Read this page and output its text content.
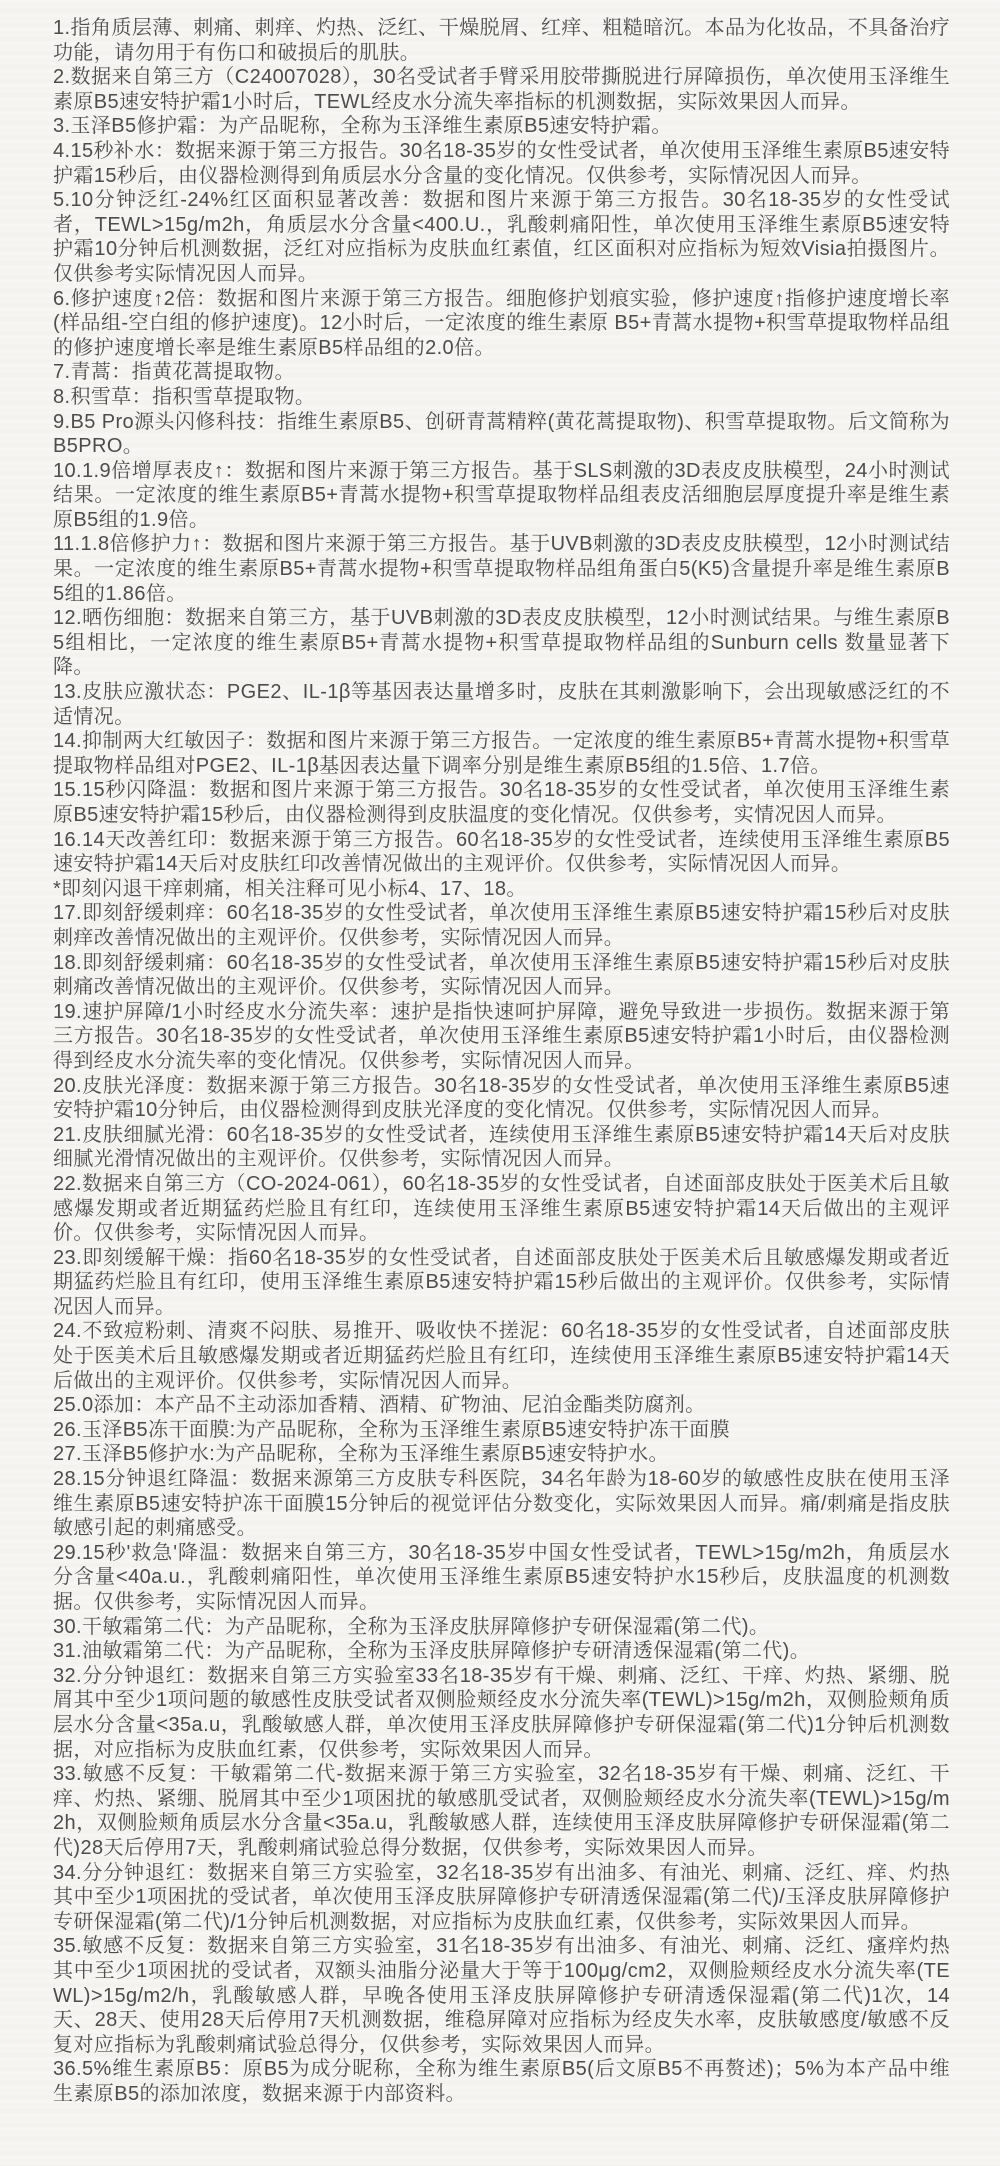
1.指角质层薄、刺痛、刺痒、灼热、泛红、干燥脱屑、红痒、粗糙暗沉。本品为化妆品，不具备治疗功能，请勿用于有伤口和破损后的肌肤。

2.数据来自第三方（C24007028），30名受试者手臂采用胶带撕脱进行屏障损伤，单次使用玉泽维生素原B5速安特护霜1小时后，TEWL经皮水分流失率指标的机测数据，实际效果因人而异。

3.玉泽B5修护霜：为产品昵称，全称为玉泽维生素原B5速安特护霜。

4.15秒补水：数据来源于第三方报告。30名18-35岁的女性受试者，单次使用玉泽维生素原B5速安特护霜15秒后，由仪器检测得到角质层水分含量的变化情况。仅供参考，实际情况因人而异。

5.10分钟泛红-24%红区面积显著改善：数据和图片来源于第三方报告。30名18-35岁的女性受试者，TEWL>15g/m2h，角质层水分含量<400.U.，乳酸刺痛阳性，单次使用玉泽维生素原B5速安特护霜10分钟后机测数据，泛红对应指标为皮肤血红素值，红区面积对应指标为短效Visia拍摄图片。仅供参考实际情况因人而异。

6.修护速度↑2倍：数据和图片来源于第三方报告。细胞修护划痕实验，修护速度↑指修护速度增长率(样品组-空白组的修护速度)。12小时后，一定浓度的维生素原 B5+青蒿水提物+积雪草提取物样品组的修护速度增长率是维生素原B5样品组的2.0倍。

7.青蒿：指黄花蒿提取物。

8.积雪草：指积雪草提取物。

9.B5 Pro源头闪修科技：指维生素原B5、创研青蒿精粹(黄花蒿提取物)、积雪草提取物。后文简称为B5PRO。

10.1.9倍增厚表皮↑：数据和图片来源于第三方报告。基于SLS刺激的3D表皮皮肤模型，24小时测试结果。一定浓度的维生素原B5+青蒿水提物+积雪草提取物样品组表皮活细胞层厚度提升率是维生素原B5组的1.9倍。

11.1.8倍修护力↑：数据和图片来源于第三方报告。基于UVB刺激的3D表皮皮肤模型，12小时测试结果。一定浓度的维生素原B5+青蒿水提物+积雪草提取物样品组角蛋白5(K5)含量提升率是维生素原B5组的1.86倍。

12.晒伤细胞：数据来自第三方，基于UVB刺激的3D表皮皮肤模型，12小时测试结果。与维生素原B5组相比，一定浓度的维生素原B5+青蒿水提物+积雪草提取物样品组的Sunburn cells 数量显著下降。

13.皮肤应激状态：PGE2、IL-1β等基因表达量增多时，皮肤在其刺激影响下，会出现敏感泛红的不适情况。

14.抑制两大红敏因子：数据和图片来源于第三方报告。一定浓度的维生素原B5+青蒿水提物+积雪草提取物样品组对PGE2、IL-1β基因表达量下调率分别是维生素原B5组的1.5倍、1.7倍。

15.15秒闪降温：数据和图片来源于第三方报告。30名18-35岁的女性受试者，单次使用玉泽维生素原B5速安特护霜15秒后，由仪器检测得到皮肤温度的变化情况。仅供参考，实情况因人而异。

16.14天改善红印：数据来源于第三方报告。60名18-35岁的女性受试者，连续使用玉泽维生素原B5速安特护霜14天后对皮肤红印改善情况做出的主观评价。仅供参考，实际情况因人而异。

*即刻闪退干痒刺痛，相关注释可见小标4、17、18。

17.即刻舒缓刺痒：60名18-35岁的女性受试者，单次使用玉泽维生素原B5速安特护霜15秒后对皮肤刺痒改善情况做出的主观评价。仅供参考，实际情况因人而异。

18.即刻舒缓刺痛：60名18-35岁的女性受试者，单次使用玉泽维生素原B5速安特护霜15秒后对皮肤刺痛改善情况做出的主观评价。仅供参考，实际情况因人而异。

19.速护屏障/1小时经皮水分流失率：速护是指快速呵护屏障，避免导致进一步损伤。数据来源于第三方报告。30名18-35岁的女性受试者，单次使用玉泽维生素原B5速安特护霜1小时后，由仪器检测得到经皮水分流失率的变化情况。仅供参考，实际情况因人而异。

20.皮肤光泽度：数据来源于第三方报告。30名18-35岁的女性受试者，单次使用玉泽维生素原B5速安特护霜10分钟后，由仪器检测得到皮肤光泽度的变化情况。仅供参考，实际情况因人而异。

21.皮肤细腻光滑：60名18-35岁的女性受试者，连续使用玉泽维生素原B5速安特护霜14天后对皮肤细腻光滑情况做出的主观评价。仅供参考，实际情况因人而异。

22.数据来自第三方（CO-2024-061），60名18-35岁的女性受试者，自述面部皮肤处于医美术后且敏感爆发期或者近期猛药烂脸且有红印，连续使用玉泽维生素原B5速安特护霜14天后做出的主观评价。仅供参考，实际情况因人而异。

23.即刻缓解干燥：指60名18-35岁的女性受试者，自述面部皮肤处于医美术后且敏感爆发期或者近期猛药烂脸且有红印，使用玉泽维生素原B5速安特护霜15秒后做出的主观评价。仅供参考，实际情况因人而异。

24.不致痘粉刺、清爽不闷肤、易推开、吸收快不搓泥：60名18-35岁的女性受试者，自述面部皮肤处于医美术后且敏感爆发期或者近期猛药烂脸且有红印，连续使用玉泽维生素原B5速安特护霜14天后做出的主观评价。仅供参考，实际情况因人而异。

25.0添加：本产品不主动添加香精、酒精、矿物油、尼泊金酯类防腐剂。

26.玉泽B5冻干面膜:为产品昵称，全称为玉泽维生素原B5速安特护冻干面膜

27.玉泽B5修护水:为产品昵称，全称为玉泽维生素原B5速安特护水。

28.15分钟退红降温：数据来源第三方皮肤专科医院，34名年龄为18-60岁的敏感性皮肤在使用玉泽维生素原B5速安特护冻干面膜15分钟后的视觉评估分数变化，实际效果因人而异。痛/刺痛是指皮肤敏感引起的刺痛感受。

29.15秒'救急'降温：数据来自第三方，30名18-35岁中国女性受试者，TEWL>15g/m2h，角质层水分含量<40a.u.，乳酸刺痛阳性，单次使用玉泽维生素原B5速安特护水15秒后，皮肤温度的机测数据。仅供参考，实际情况因人而异。

30.干敏霜第二代：为产品昵称，全称为玉泽皮肤屏障修护专研保湿霜(第二代)。

31.油敏霜第二代：为产品昵称，全称为玉泽皮肤屏障修护专研清透保湿霜(第二代)。

32.分分钟退红：数据来自第三方实验室33名18-35岁有干燥、刺痛、泛红、干痒、灼热、紧绷、脱屑其中至少1项问题的敏感性皮肤受试者双侧脸颊经皮水分流失率(TEWL)>15g/m2h，双侧脸颊角质层水分含量<35a.u，乳酸敏感人群，单次使用玉泽皮肤屏障修护专研保湿霜(第二代)1分钟后机测数据，对应指标为皮肤血红素，仅供参考，实际效果因人而异。

33.敏感不反复：干敏霜第二代-数据来源于第三方实验室，32名18-35岁有干燥、刺痛、泛红、干痒、灼热、紧绷、脱屑其中至少1项困扰的敏感肌受试者，双侧脸颊经皮水分流失率(TEWL)>15g/m2h，双侧脸颊角质层水分含量<35a.u，乳酸敏感人群，连续使用玉泽皮肤屏障修护专研保湿霜(第二代)28天后停用7天，乳酸刺痛试验总得分数据，仅供参考，实际效果因人而异。

34.分分钟退红：数据来自第三方实验室，32名18-35岁有出油多、有油光、刺痛、泛红、痒、灼热其中至少1项困扰的受试者，单次使用玉泽皮肤屏障修护专研清透保湿霜(第二代)/玉泽皮肤屏障修护专研保湿霜(第二代)/1分钟后机测数据，对应指标为皮肤血红素，仅供参考，实际效果因人而异。

35.敏感不反复：数据来自第三方实验室，31名18-35岁有出油多、有油光、刺痛、泛红、瘙痒灼热其中至少1项困扰的受试者，双额头油脂分泌量大于等于100μg/cm2，双侧脸颊经皮水分流失率(TEWL)>15g/m2/h，乳酸敏感人群，早晚各使用玉泽皮肤屏障修护专研清透保湿霜(第二代)1次，14天、28天、使用28天后停用7天机测数据，维稳屏障对应指标为经皮失水率，皮肤敏感度/敏感不反复对应指标为乳酸刺痛试验总得分，仅供参考，实际效果因人而异。

36.5%维生素原B5：原B5为成分昵称，全称为维生素原B5(后文原B5不再赘述)；5%为本产品中维生素原B5的添加浓度，数据来源于内部资料。
